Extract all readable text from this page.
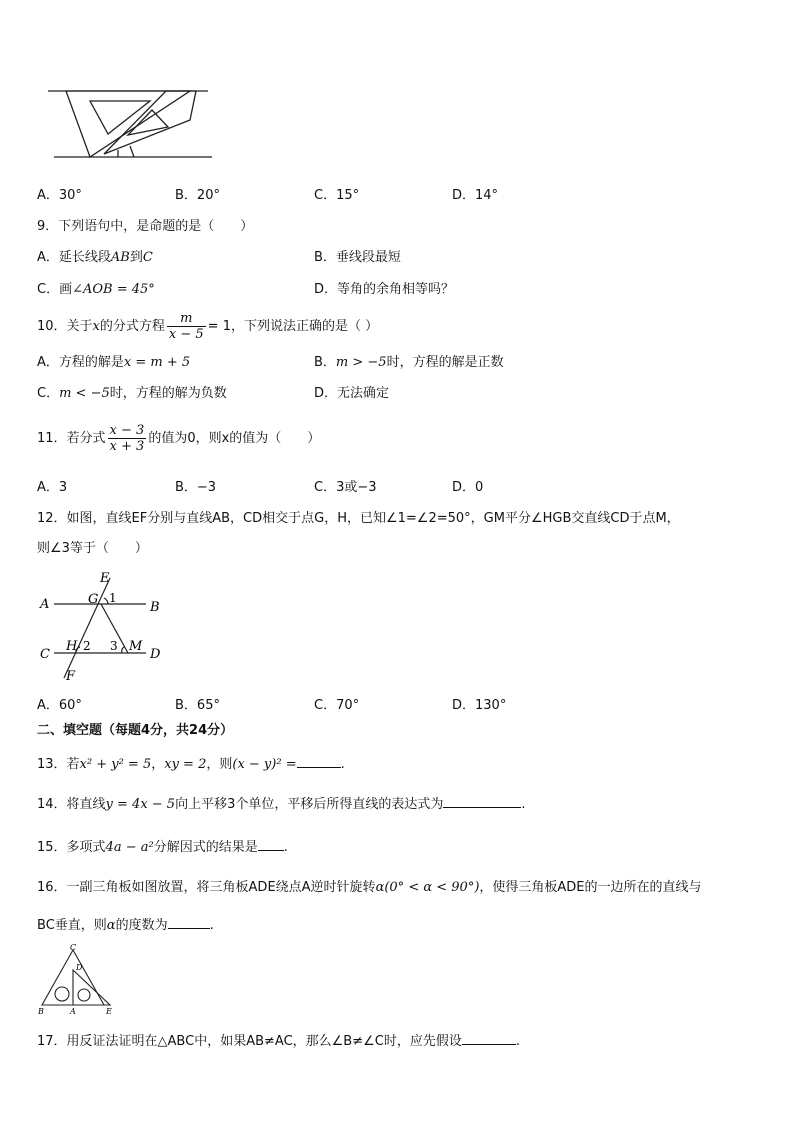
A．30°	B．20°	C．15°	D．14°
9．下列语句中，是命题的是（　　）
A．延长线段AB到C	B．垂线段最短
C．画∠AOB = 45°	D．等角的余角相等吗？
10．关于x的分式方程 $\frac{m}{x - 5} = 1$，下列说法正确的是（ ）
A．方程的解是x = m + 5	B．m > −5时，方程的解是正数
C．m < −5时，方程的解为负数	D．无法确定
11．若分式 $\frac{x - 3}{x + 3}$ 的值为0，则x的值为（　　）
A．3	B．−3	C．3或−3	D．0
12．如图，直线EF分别与直线AB，CD相交于点G，H，已知∠1=∠2=50°，GM平分∠HGB交直线CD于点M，
则∠3等于（　　）
E
A	G 1
B
H 2 3 M
C	D
F
A．60°	B．65°	C．70°	D．130°
二、填空题（每题4分，共24分）
13．若x² + y² = 5，xy = 2，则(x − y)² =	.
14．将直线y = 4x − 5向上平移3个单位，平移后所得直线的表达式为	.
15．多项式4a − a²分解因式的结果是 .
16．一副三角板如图放置，将三角板ADE绕点A逆时针旋转α(0° < α < 90°)，使得三角板ADE的一边所在的直线与
BC垂直，则α的度数为	.
C
D
B	A	E
17．用反证法证明在△ABC中，如果AB≠AC，那么∠B≠∠C时，应先假设	.
